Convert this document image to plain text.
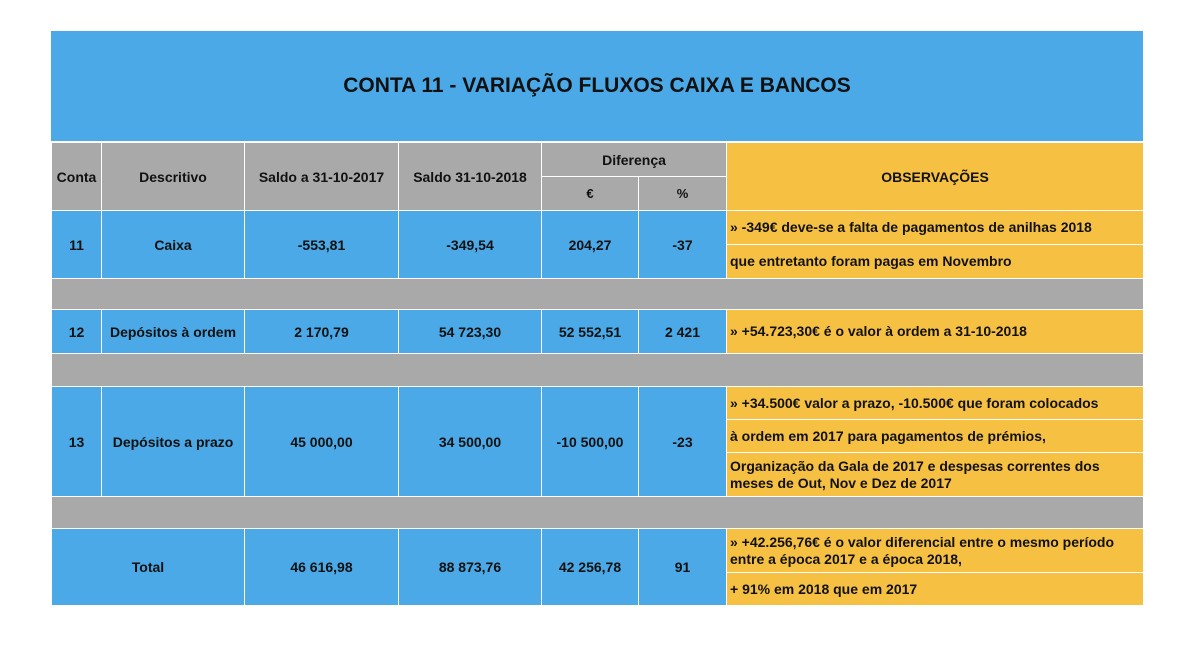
CONTA 11 - VARIAÇÃO FLUXOS CAIXA E BANCOS
Conta	Descritivo	Saldo a 31-10-2017	Saldo 31-10-2018	Diferença		OBSERVAÇÕES
				€	%	
11	Caixa	-553,81	-349,54	204,27	-37	» -349€ deve-se a falta de pagamentos de anilhas 2018
						que entretanto foram pagas em Novembro

12	Depósitos à ordem	2 170,79	54 723,30	52 552,51	2 421	» +54.723,30€ é o valor à ordem a 31-10-2018

13	Depósitos a prazo	45 000,00	34 500,00	-10 500,00	-23	» +34.500€ valor a prazo, -10.500€ que foram colocados
						à ordem em 2017 para pagamentos de prémios,
						Organização da Gala de 2017 e despesas correntes dos meses de Out, Nov e Dez de 2017

Total		46 616,98	88 873,76	42 256,78	91	» +42.256,76€ é o valor diferencial entre o mesmo período entre a época 2017 e a época 2018,
						+ 91% em 2018 que em 2017
